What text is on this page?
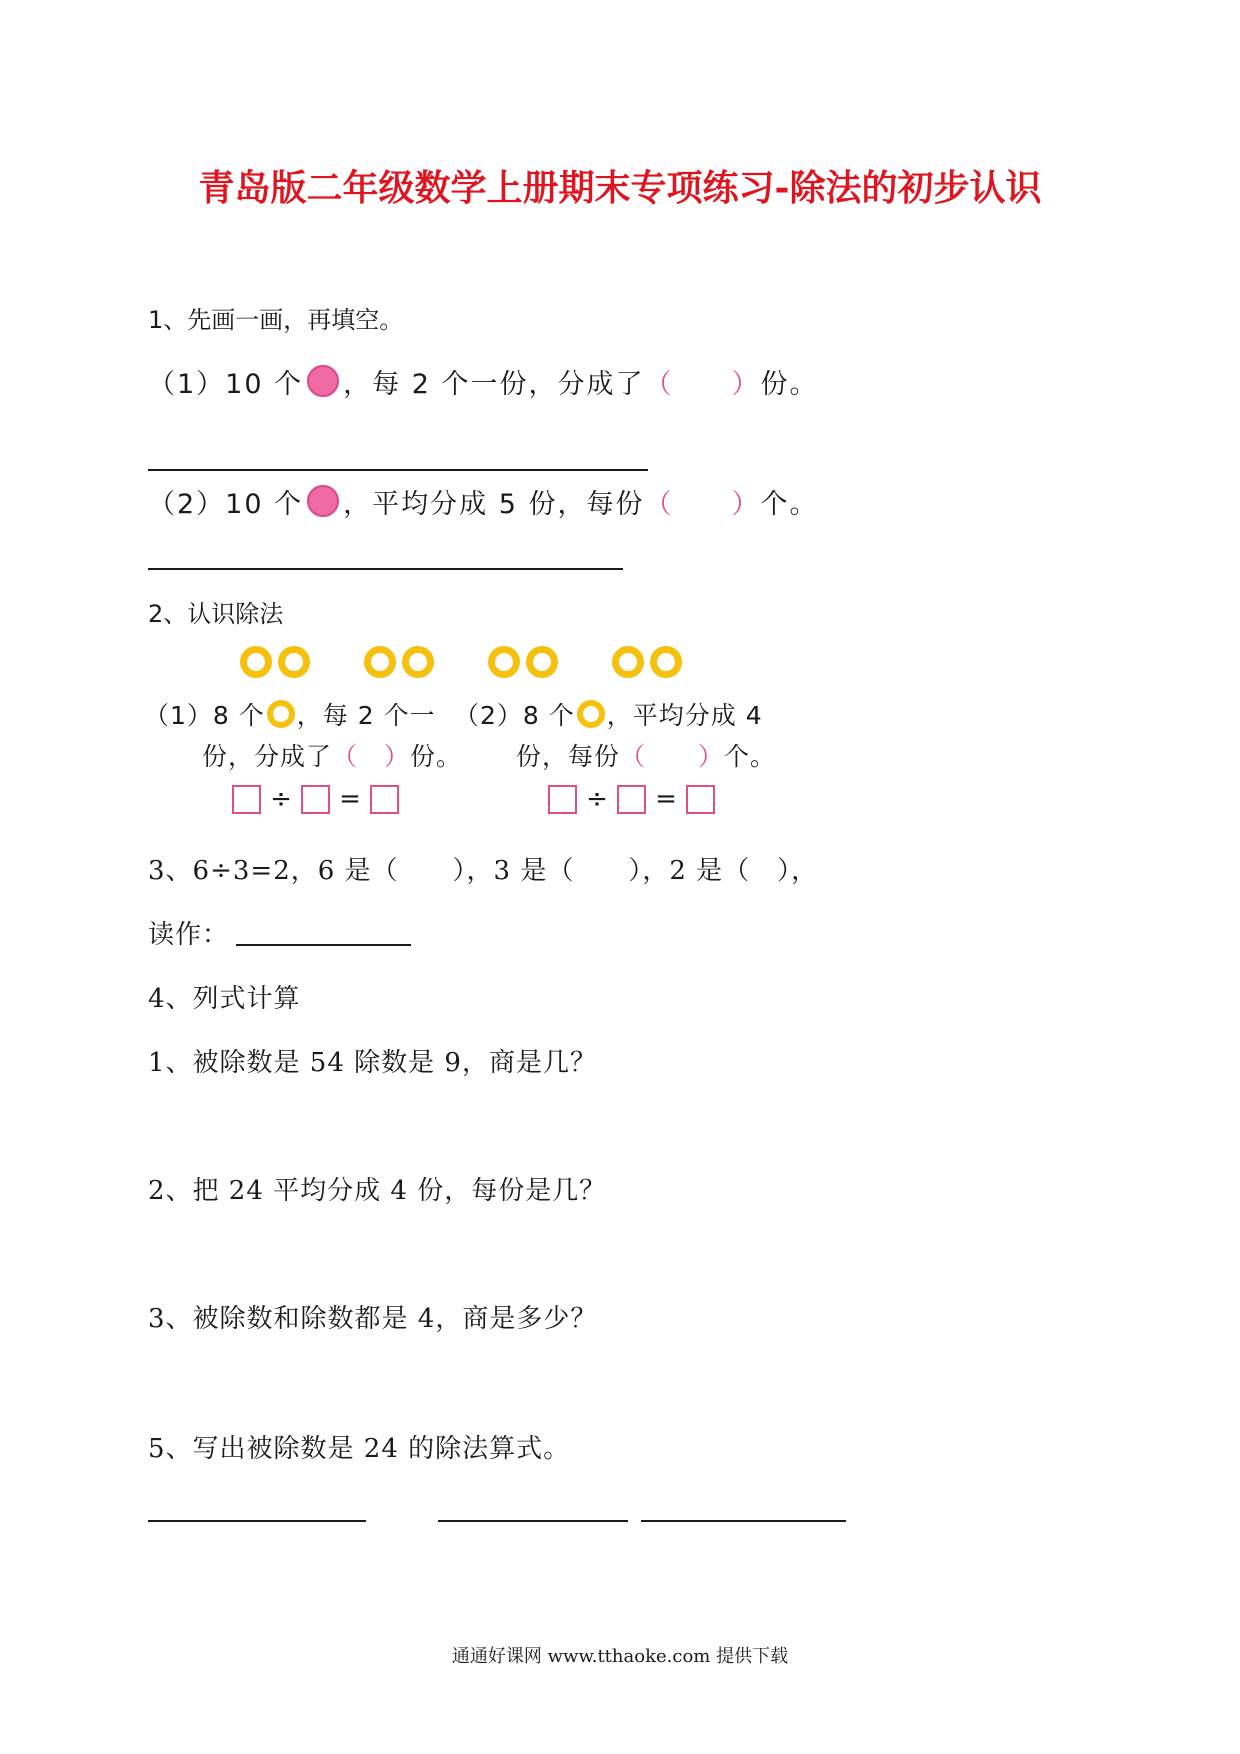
青岛版二年级数学上册期末专项练习-除法的初步认识
1、先画一画，再填空。
（1）10 个 ，每 2 个一份，分成了（　　）份。
（2）10 个 ，平均分成 5 份，每份（　　）个。
2、认识除法
（1）8 个 ，每 2 个一
份，分成了（　）份。
÷ =
（2）8 个 ，平均分成 4
份，每份（　　）个。
÷ =
3、6÷3=2，6 是（　　），3 是（　　），2 是（　），
读作：
4、列式计算
1、被除数是 54 除数是 9，商是几？
2、把 24 平均分成 4 份，每份是几？
3、被除数和除数都是 4，商是多少？
5、写出被除数是 24 的除法算式。
通通好课网 www.tthaoke.com 提供下载
